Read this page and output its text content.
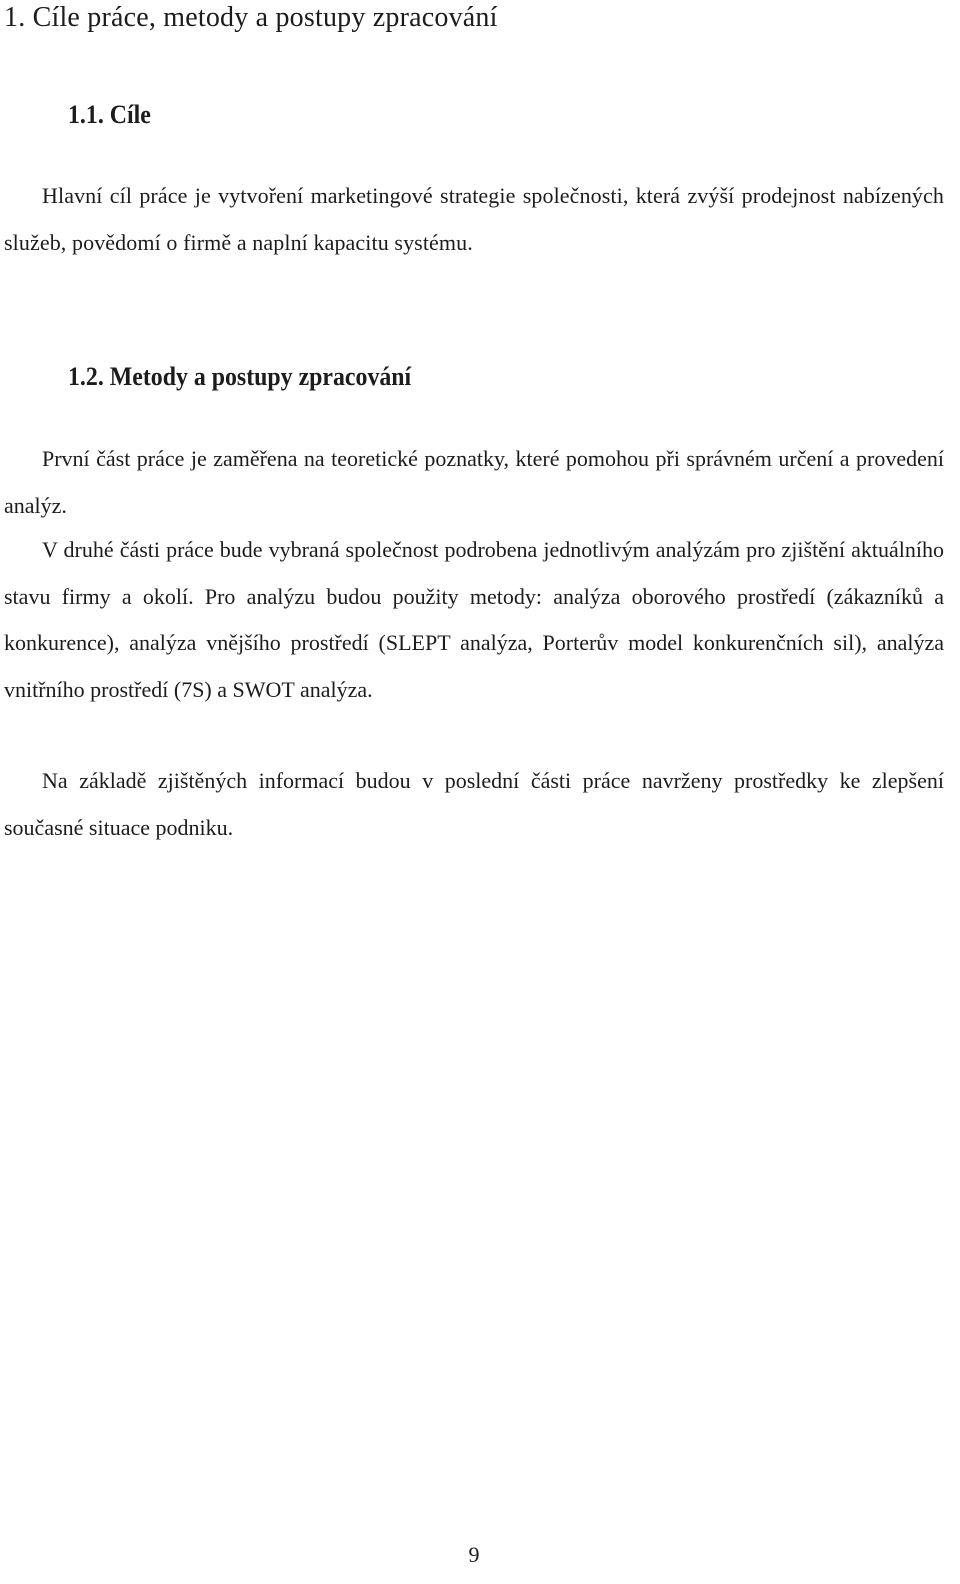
1. Cíle práce, metody a postupy zpracování
1.1. Cíle

Hlavní cíl práce je vytvoření marketingové strategie společnosti, která zvýší prodejnost nabízených služeb, povědomí o firmě a naplní kapacitu systému.

1.2. Metody a postupy zpracování

První část práce je zaměřena na teoretické poznatky, které pomohou při správném určení a provedení analýz.

V druhé části práce bude vybraná společnost podrobena jednotlivým analýzám pro zjištění aktuálního stavu firmy a okolí. Pro analýzu budou použity metody: analýza oborového prostředí (zákazníků a konkurence), analýza vnějšího prostředí (SLEPT analýza, Porterův model konkurenčních sil), analýza vnitřního prostředí (7S) a SWOT analýza.

Na základě zjištěných informací budou v poslední části práce navrženy prostředky ke zlepšení současné situace podniku.

9
